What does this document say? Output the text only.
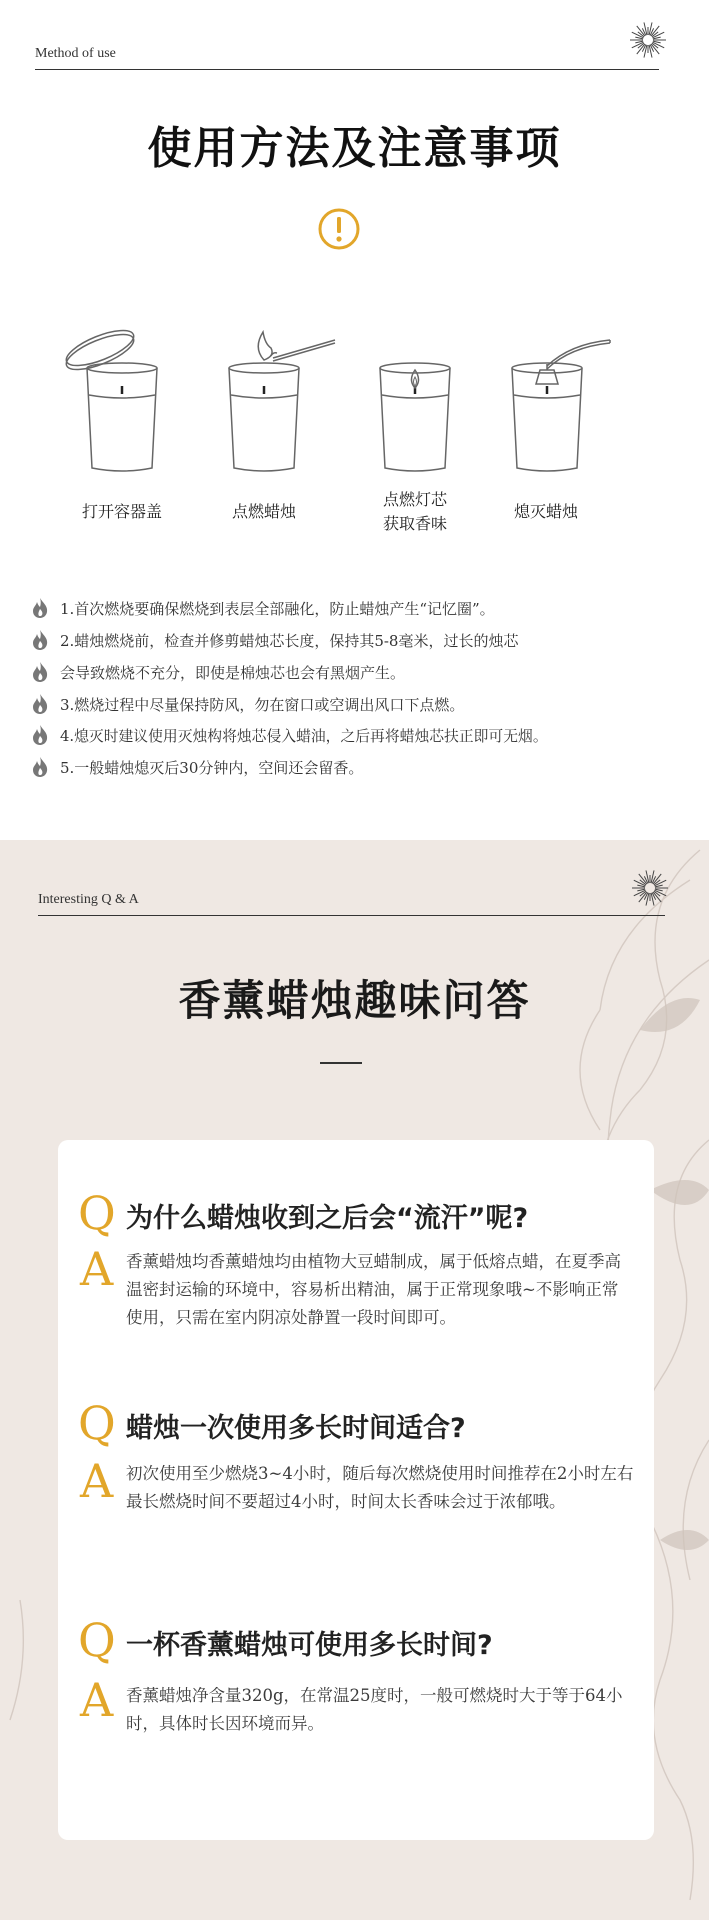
Method of use
使用方法及注意事项
打开容器盖	点燃蜡烛
点燃灯芯
获取香味
熄灭蜡烛
1.首次燃烧要确保燃烧到表层全部融化，防止蜡烛产生“记忆圈”。
2.蜡烛燃烧前，检查并修剪蜡烛芯长度，保持其5-8毫米，过长的烛芯
会导致燃烧不充分，即使是棉烛芯也会有黑烟产生。
3.燃烧过程中尽量保持防风，勿在窗口或空调出风口下点燃。
4.熄灭时建议使用灭烛构将烛芯侵入蜡油，之后再将蜡烛芯扶正即可无烟。
5.一般蜡烛熄灭后30分钟内，空间还会留香。
Interesting Q & A
香薰蜡烛趣味问答
Q 为什么蜡烛收到之后会“流汗”呢?
A 香薰蜡烛均香薰蜡烛均由植物大豆蜡制成，属于低熔点蜡，在夏季高温密封运输的环境中，容易析出精油，属于正常现象哦~不影响正常使用，只需在室内阴凉处静置一段时间即可。
Q 蜡烛一次使用多长时间适合?
A 初次使用至少燃烧3~4小时，随后每次燃烧使用时间推荐在2小时左右最长燃烧时间不要超过4小时，时间太长香味会过于浓郁哦。
Q 一杯香薰蜡烛可使用多长时间?
A 香薰蜡烛净含量320g，在常温25度时，一般可燃烧时大于等于64小时，具体时长因环境而异。
